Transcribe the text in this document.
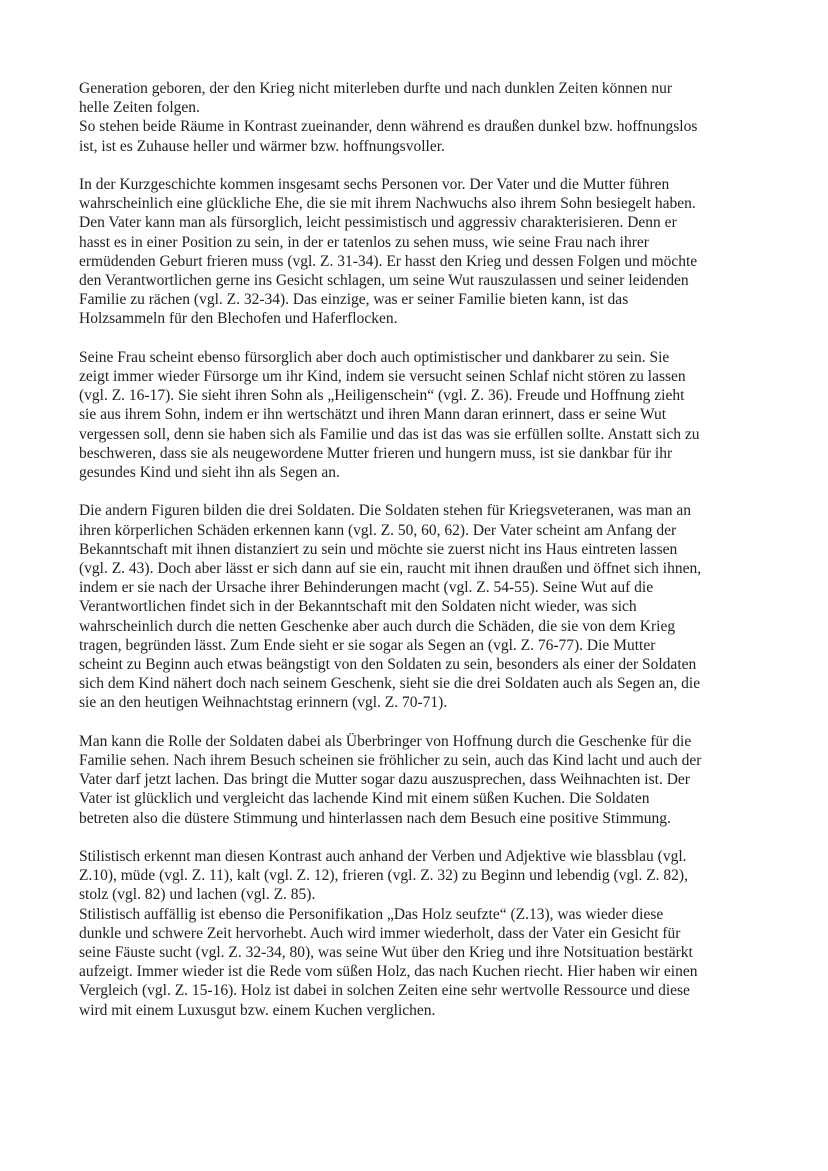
Generation geboren, der den Krieg nicht miterleben durfte und nach dunklen Zeiten können nur
helle Zeiten folgen.

So stehen beide Räume in Kontrast zueinander, denn während es draußen dunkel bzw. hoffnungslos
ist, ist es Zuhause heller und wärmer bzw. hoffnungsvoller.

In der Kurzgeschichte kommen insgesamt sechs Personen vor. Der Vater und die Mutter führen
wahrscheinlich eine glückliche Ehe, die sie mit ihrem Nachwuchs also ihrem Sohn besiegelt haben.
Den Vater kann man als fürsorglich, leicht pessimistisch und aggressiv charakterisieren. Denn er
hasst es in einer Position zu sein, in der er tatenlos zu sehen muss, wie seine Frau nach ihrer
ermüdenden Geburt frieren muss (vgl. Z. 31-34). Er hasst den Krieg und dessen Folgen und möchte
den Verantwortlichen gerne ins Gesicht schlagen, um seine Wut rauszulassen und seiner leidenden
Familie zu rächen (vgl. Z. 32-34). Das einzige, was er seiner Familie bieten kann, ist das
Holzsammeln für den Blechofen und Haferflocken.

Seine Frau scheint ebenso fürsorglich aber doch auch optimistischer und dankbarer zu sein. Sie
zeigt immer wieder Fürsorge um ihr Kind, indem sie versucht seinen Schlaf nicht stören zu lassen
(vgl. Z. 16-17). Sie sieht ihren Sohn als „Heiligenschein“ (vgl. Z. 36). Freude und Hoffnung zieht
sie aus ihrem Sohn, indem er ihn wertschätzt und ihren Mann daran erinnert, dass er seine Wut
vergessen soll, denn sie haben sich als Familie und das ist das was sie erfüllen sollte. Anstatt sich zu
beschweren, dass sie als neugewordene Mutter frieren und hungern muss, ist sie dankbar für ihr
gesundes Kind und sieht ihn als Segen an.

Die andern Figuren bilden die drei Soldaten. Die Soldaten stehen für Kriegsveteranen, was man an
ihren körperlichen Schäden erkennen kann (vgl. Z. 50, 60, 62). Der Vater scheint am Anfang der
Bekanntschaft mit ihnen distanziert zu sein und möchte sie zuerst nicht ins Haus eintreten lassen
(vgl. Z. 43). Doch aber lässt er sich dann auf sie ein, raucht mit ihnen draußen und öffnet sich ihnen,
indem er sie nach der Ursache ihrer Behinderungen macht (vgl. Z. 54-55). Seine Wut auf die
Verantwortlichen findet sich in der Bekanntschaft mit den Soldaten nicht wieder, was sich
wahrscheinlich durch die netten Geschenke aber auch durch die Schäden, die sie von dem Krieg
tragen, begründen lässt. Zum Ende sieht er sie sogar als Segen an (vgl. Z. 76-77). Die Mutter
scheint zu Beginn auch etwas beängstigt von den Soldaten zu sein, besonders als einer der Soldaten
sich dem Kind nähert doch nach seinem Geschenk, sieht sie die drei Soldaten auch als Segen an, die
sie an den heutigen Weihnachtstag erinnern (vgl. Z. 70-71).

Man kann die Rolle der Soldaten dabei als Überbringer von Hoffnung durch die Geschenke für die
Familie sehen. Nach ihrem Besuch scheinen sie fröhlicher zu sein, auch das Kind lacht und auch der
Vater darf jetzt lachen. Das bringt die Mutter sogar dazu auszusprechen, dass Weihnachten ist. Der
Vater ist glücklich und vergleicht das lachende Kind mit einem süßen Kuchen. Die Soldaten
betreten also die düstere Stimmung und hinterlassen nach dem Besuch eine positive Stimmung.

Stilistisch erkennt man diesen Kontrast auch anhand der Verben und Adjektive wie blassblau (vgl.
Z.10), müde (vgl. Z. 11), kalt (vgl. Z. 12), frieren (vgl. Z. 32) zu Beginn und lebendig (vgl. Z. 82),
stolz (vgl. 82) und lachen (vgl. Z. 85).

Stilistisch auffällig ist ebenso die Personifikation „Das Holz seufzte“ (Z.13), was wieder diese
dunkle und schwere Zeit hervorhebt. Auch wird immer wiederholt, dass der Vater ein Gesicht für
seine Fäuste sucht (vgl. Z. 32-34, 80), was seine Wut über den Krieg und ihre Notsituation bestärkt
aufzeigt. Immer wieder ist die Rede vom süßen Holz, das nach Kuchen riecht. Hier haben wir einen
Vergleich (vgl. Z. 15-16). Holz ist dabei in solchen Zeiten eine sehr wertvolle Ressource und diese
wird mit einem Luxusgut bzw. einem Kuchen verglichen.
